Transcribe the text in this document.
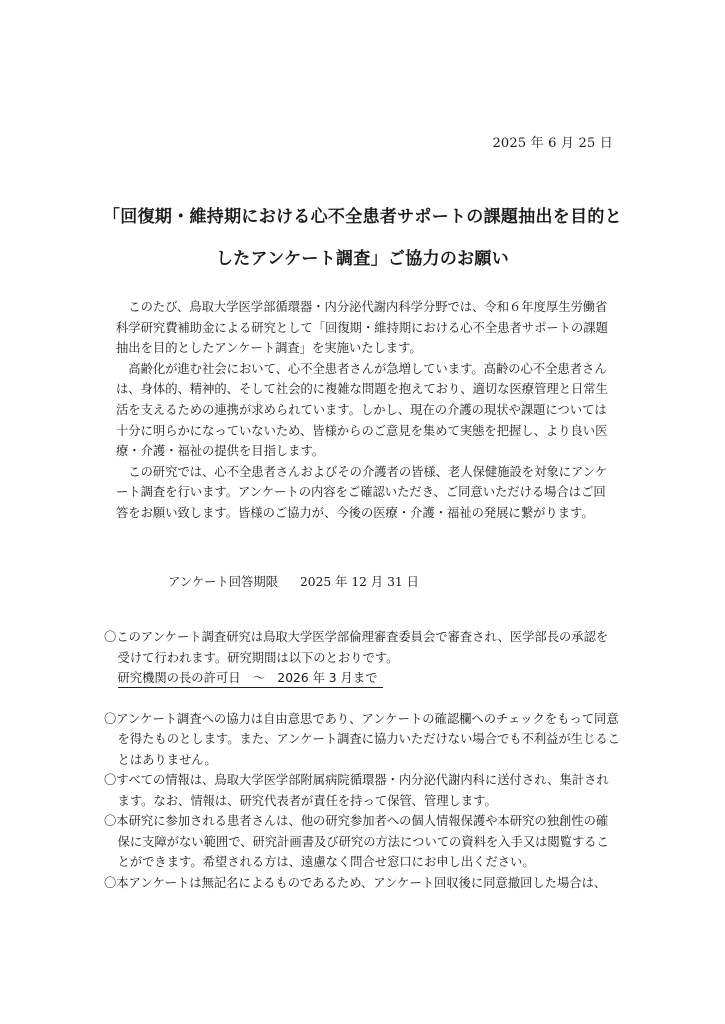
2025 年 6 月 25 日
「回復期・維持期における心不全患者サポートの課題抽出を目的と
したアンケート調査」ご協力のお願い

このたび、鳥取大学医学部循環器・内分泌代謝内科学分野では、令和６年度厚生労働省科学研究費補助金による研究として「回復期・維持期における心不全患者サポートの課題抽出を目的としたアンケート調査」を実施いたします。

高齢化が進む社会において、心不全患者さんが急増しています。高齢の心不全患者さんは、身体的、精神的、そして社会的に複雑な問題を抱えており、適切な医療管理と日常生活を支えるための連携が求められています。しかし、現在の介護の現状や課題については十分に明らかになっていないため、皆様からのご意見を集めて実態を把握し、より良い医療・介護・福祉の提供を目指します。

この研究では、心不全患者さんおよびその介護者の皆様、老人保健施設を対象にアンケート調査を行います。アンケートの内容をご確認いただき、ご同意いただける場合はご回答をお願い致します。皆様のご協力が、今後の医療・介護・福祉の発展に繋がります。

アンケート回答期限 2025 年 12 月 31 日

〇このアンケート調査研究は鳥取大学医学部倫理審査委員会で審査され、医学部長の承認を受けて行われます。研究期間は以下のとおりです。

研究機関の長の許可日　～　2026 年 3 月まで

〇アンケート調査への協力は自由意思であり、アンケートの確認欄へのチェックをもって同意を得たものとします。また、アンケート調査に協力いただけない場合でも不利益が生じることはありません。

〇すべての情報は、鳥取大学医学部附属病院循環器・内分泌代謝内科に送付され、集計されます。なお、情報は、研究代表者が責任を持って保管、管理します。

〇本研究に参加される患者さんは、他の研究参加者への個人情報保護や本研究の独創性の確保に支障がない範囲で、研究計画書及び研究の方法についての資料を入手又は閲覧することができます。希望される方は、遠慮なく問合せ窓口にお申し出ください。

〇本アンケートは無記名によるものであるため、アンケート回収後に同意撤回した場合は、
